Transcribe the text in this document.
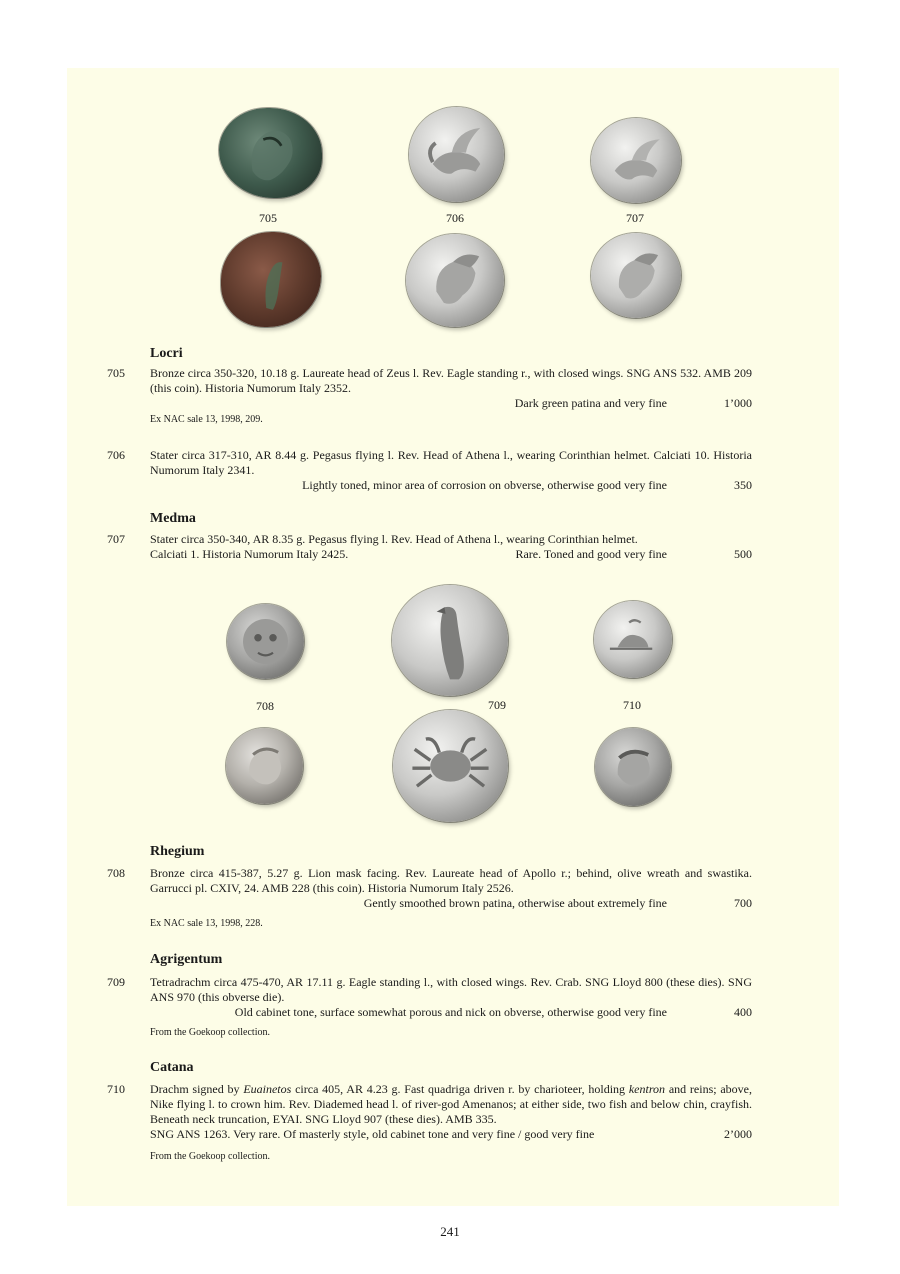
705	706	707
Locri
705 Bronze circa 350-320, 10.18 g. Laureate head of Zeus l. Rev. Eagle standing r., with closed wings. SNG ANS 532. AMB 209 (this coin). Historia Numorum Italy 2352.
Dark green patina and very fine	1’000
Ex NAC sale 13, 1998, 209.
706 Stater circa 317-310, AR 8.44 g. Pegasus flying l. Rev. Head of Athena l., wearing Corinthian helmet. Calciati 10. Historia Numorum Italy 2341.
Lightly toned, minor area of corrosion on obverse, otherwise good very fine	350
Medma
707 Stater circa 350-340, AR 8.35 g. Pegasus flying l. Rev. Head of Athena l., wearing Corinthian helmet.
Calciati 1. Historia Numorum Italy 2425.	Rare. Toned and good very fine	500
708	709	710
Rhegium
708 Bronze circa 415-387, 5.27 g. Lion mask facing. Rev. Laureate head of Apollo r.; behind, olive wreath and swastika. Garrucci pl. CXIV, 24. AMB 228 (this coin). Historia Numorum Italy 2526.
Gently smoothed brown patina, otherwise about extremely fine	700
Ex NAC sale 13, 1998, 228.
Agrigentum
709 Tetradrachm circa 475-470, AR 17.11 g. Eagle standing l., with closed wings. Rev. Crab. SNG Lloyd 800 (these dies). SNG ANS 970 (this obverse die).
Old cabinet tone, surface somewhat porous and nick on obverse, otherwise good very fine	400
From the Goekoop collection.
Catana
710 Drachm signed by Euainetos circa 405, AR 4.23 g. Fast quadriga driven r. by charioteer, holding kentron and reins; above, Nike flying l. to crown him. Rev. Diademed head l. of river-god Amenanos; at either side, two fish and below chin, crayfish. Beneath neck truncation, ΕΥΑΙ. SNG Lloyd 907 (these dies). AMB 335.
SNG ANS 1263. Very rare. Of masterly style, old cabinet tone and very fine / good very fine	2’000
From the Goekoop collection.
241
